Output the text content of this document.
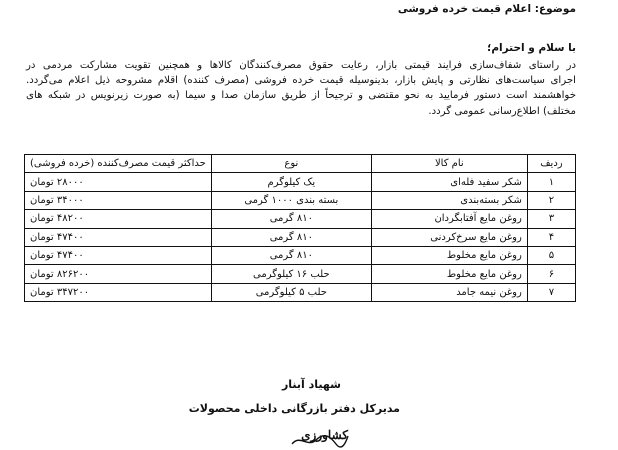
موضوع: اعلام قیمت خرده فروشی
با سلام و احترام؛
در راستای شفاف‌سازی فرایند قیمتی بازار، رعایت حقوق مصرف‌کنندگان کالاها و همچنین تقویت مشارکت مردمی در
اجرای سیاست‌های نظارتی و پایش بازار، بدینوسیله قیمت خرده فروشی (مصرف کننده) اقلام مشروحه ذیل اعلام می‌گردد.
خواهشمند است دستور فرمایید به نحو مقتضی و ترجیحاً از طریق سازمان صدا و سیما (به صورت زیرنویس در شبکه های
مختلف) اطلاع‌رسانی عمومی گردد.
ردیف	نام کالا	نوع	حداکثر قیمت مصرف‌کننده (خرده فروشی)
۱	شکر سفید فله‌ای	یک کیلوگرم	۲۸۰۰۰ تومان
۲	شکر بسته‌بندی	بسته بندی ۱۰۰۰ گرمی	۳۴۰۰۰ تومان
۳	روغن مایع آفتابگردان	۸۱۰ گرمی	۴۸۲۰۰ تومان
۴	روغن مایع سرخ‌کردنی	۸۱۰ گرمی	۴۷۴۰۰ تومان
۵	روغن مایع مخلوط	۸۱۰ گرمی	۴۷۴۰۰ تومان
۶	روغن مایع مخلوط	حلب ۱۶ کیلوگرمی	۸۲۶۲۰۰ تومان
۷	روغن نیمه جامد	حلب ۵ کیلوگرمی	۳۴۷۲۰۰ تومان
شهیاد آبنار
مدیرکل دفتر بازرگانی داخلی محصولات
کشاورزی
